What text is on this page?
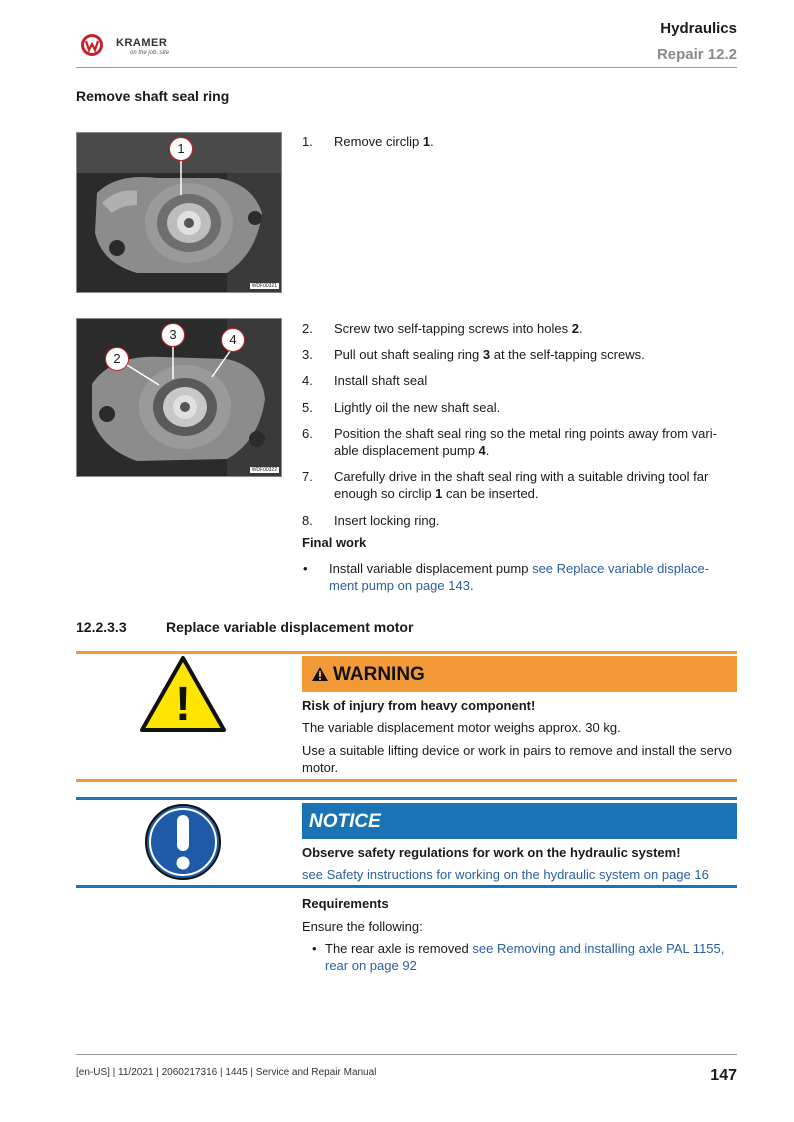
KRAMER
on the job, site
Hydraulics
Repair 12.2
Remove shaft seal ring
1
WDF00321
3	4
2
WDF00322
1. Remove circlip 1.
2. Screw two self-tapping screws into holes 2.
3. Pull out shaft sealing ring 3 at the self-tapping screws.
4. Install shaft seal
5. Lightly oil the new shaft seal.
6. Position the shaft seal ring so the metal ring points away from vari-able displacement pump 4.
7. Carefully drive in the shaft seal ring with a suitable driving tool far enough so circlip 1 can be inserted.
8. Insert locking ring.
Final work
• Install variable displacement pump see Replace variable displace-ment pump on page 143.
12.2.3.3	Replace variable displacement motor
!
WARNING
Risk of injury from heavy component!
The variable displacement motor weighs approx. 30 kg.
Use a suitable lifting device or work in pairs to remove and install the servo motor.
NOTICE
Observe safety regulations for work on the hydraulic system!
see Safety instructions for working on the hydraulic system on page 16
Requirements
Ensure the following:
• The rear axle is removed see Removing and installing axle PAL 1155, rear on page 92
[en-US] | 11/2021 | 2060217316 | 1445 | Service and Repair Manual	147
